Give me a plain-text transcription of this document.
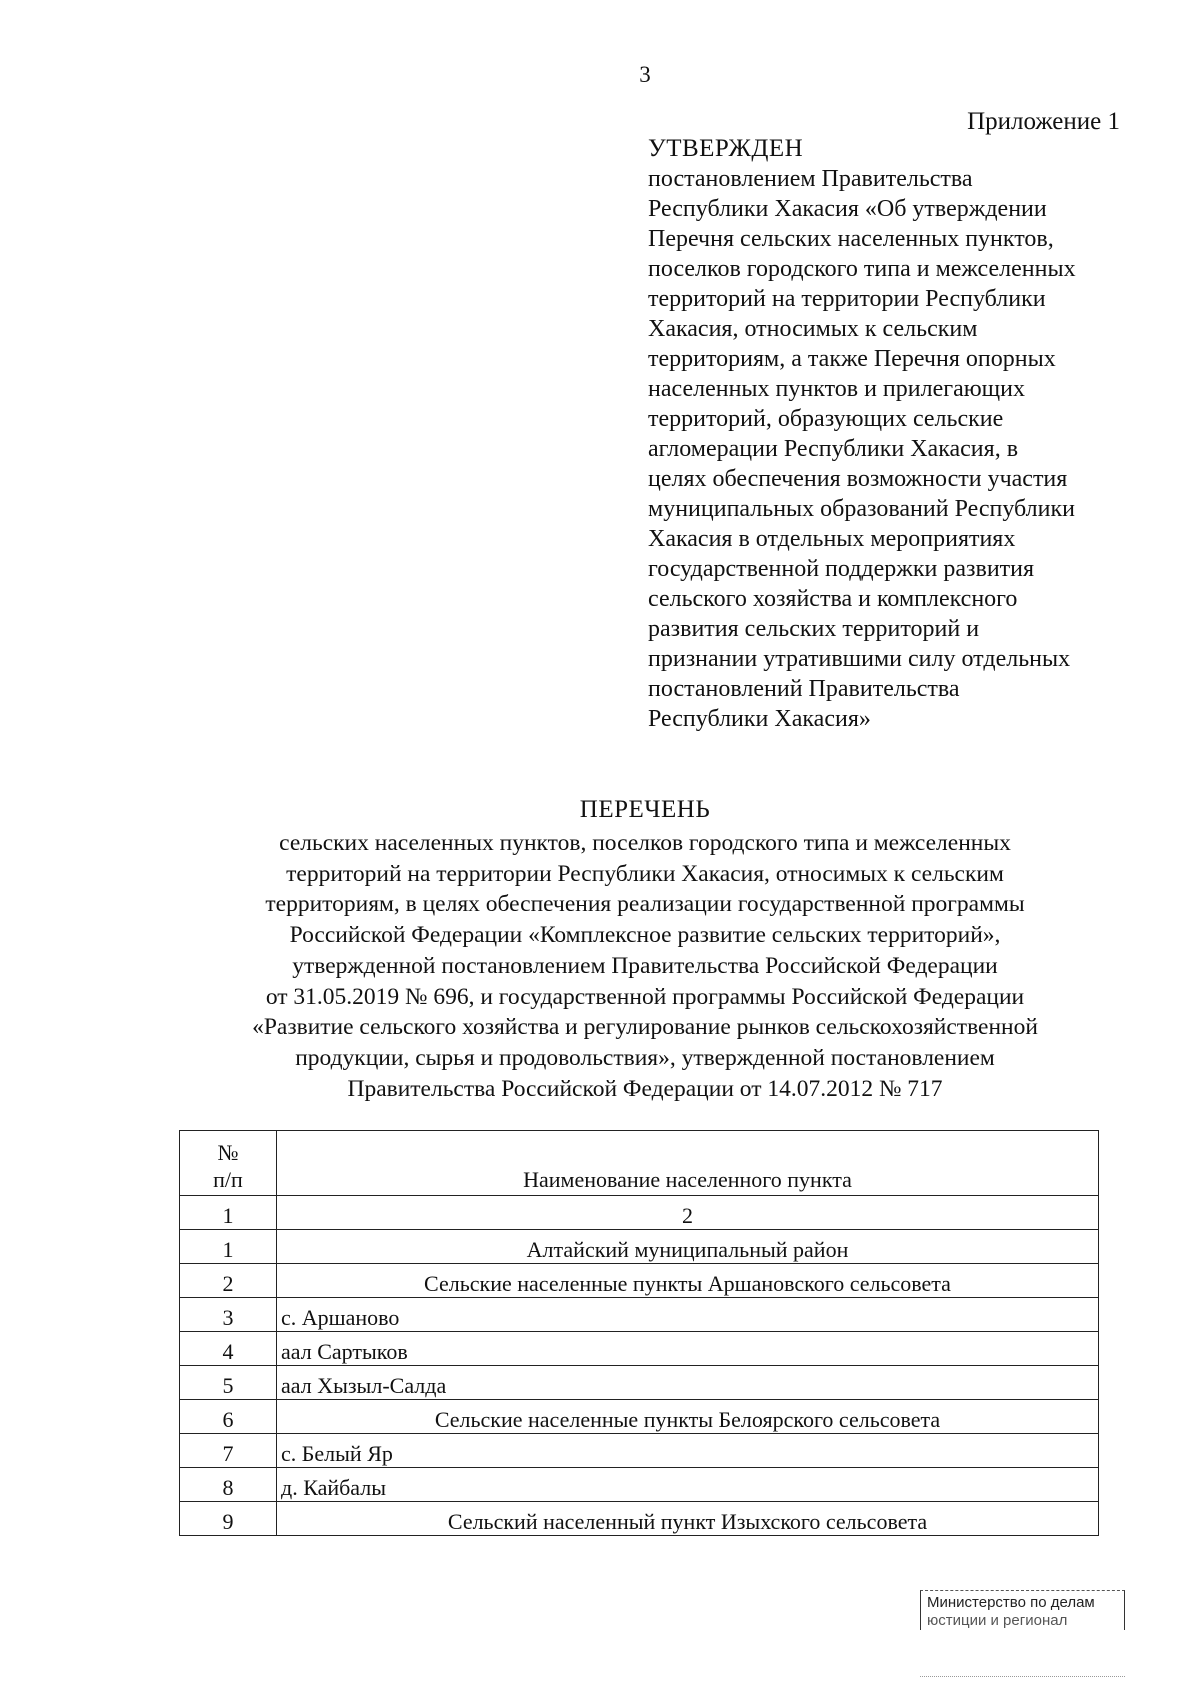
3
Приложение 1
УТВЕРЖДЕН
постановлением Правительства
Республики Хакасия «Об утверждении
Перечня сельских населенных пунктов,
поселков городского типа и межселенных
территорий на территории Республики
Хакасия, относимых к сельским
территориям, а также Перечня опорных
населенных пунктов и прилегающих
территорий, образующих сельские
агломерации Республики Хакасия, в
целях обеспечения возможности участия
муниципальных образований Республики
Хакасия в отдельных мероприятиях
государственной поддержки развития
сельского хозяйства и комплексного
развития сельских территорий и
признании утратившими силу отдельных
постановлений Правительства
Республики Хакасия»
ПЕРЕЧЕНЬ
сельских населенных пунктов, поселков городского типа и межселенных
территорий на территории Республики Хакасия, относимых к сельским
территориям, в целях обеспечения реализации государственной программы
Российской Федерации «Комплексное развитие сельских территорий»,
утвержденной постановлением Правительства Российской Федерации
от 31.05.2019 № 696, и государственной программы Российской Федерации
«Развитие сельского хозяйства и регулирование рынков сельскохозяйственной
продукции, сырья и продовольствия», утвержденной постановлением
Правительства Российской Федерации от 14.07.2012 № 717
№
п/п	Наименование населенного пункта
1	2
1	Алтайский муниципальный район
2	Сельские населенные пункты Аршановского сельсовета
3	с. Аршаново
4	аал Сартыков
5	аал Хызыл-Салда
6	Сельские населенные пункты Белоярского сельсовета
7	с. Белый Яр
8	д. Кайбалы
9	Сельский населенный пункт Изыхского сельсовета
Министерство по делам
юстиции и регионал
